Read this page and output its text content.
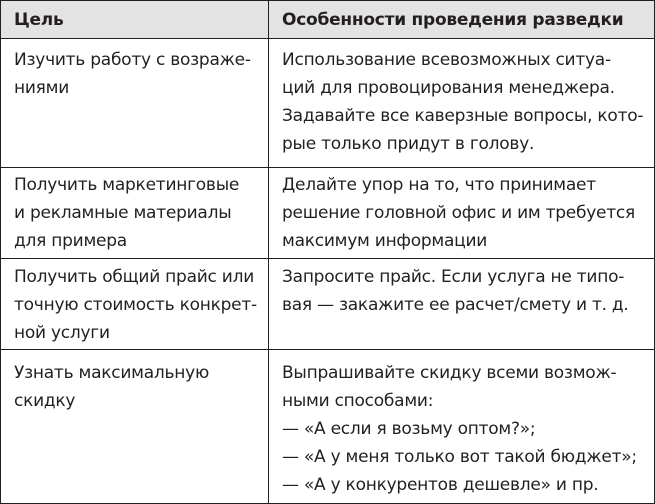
Цель	Особенности проведения разведки
Изучить работу с возраже-
ниями
Использование всевозможных ситуа-
ций для провоцирования менеджера.
Задавайте все каверзные вопросы, кото-
рые только придут в голову.
Получить маркетинговые
и рекламные материалы
для примера
Делайте упор на то, что принимает
решение головной офис и им требуется
максимум информации
Получить общий прайс или
точную стоимость конкрет-
ной услуги
Запросите прайс. Если услуга не типо-
вая — закажите ее расчет/смету и т. д.
Узнать максимальную
скидку
Выпрашивайте скидку всеми возмож-
ными способами:
— «А если я возьму оптом?»;
— «А у меня только вот такой бюджет»;
— «А у конкурентов дешевле» и пр.
